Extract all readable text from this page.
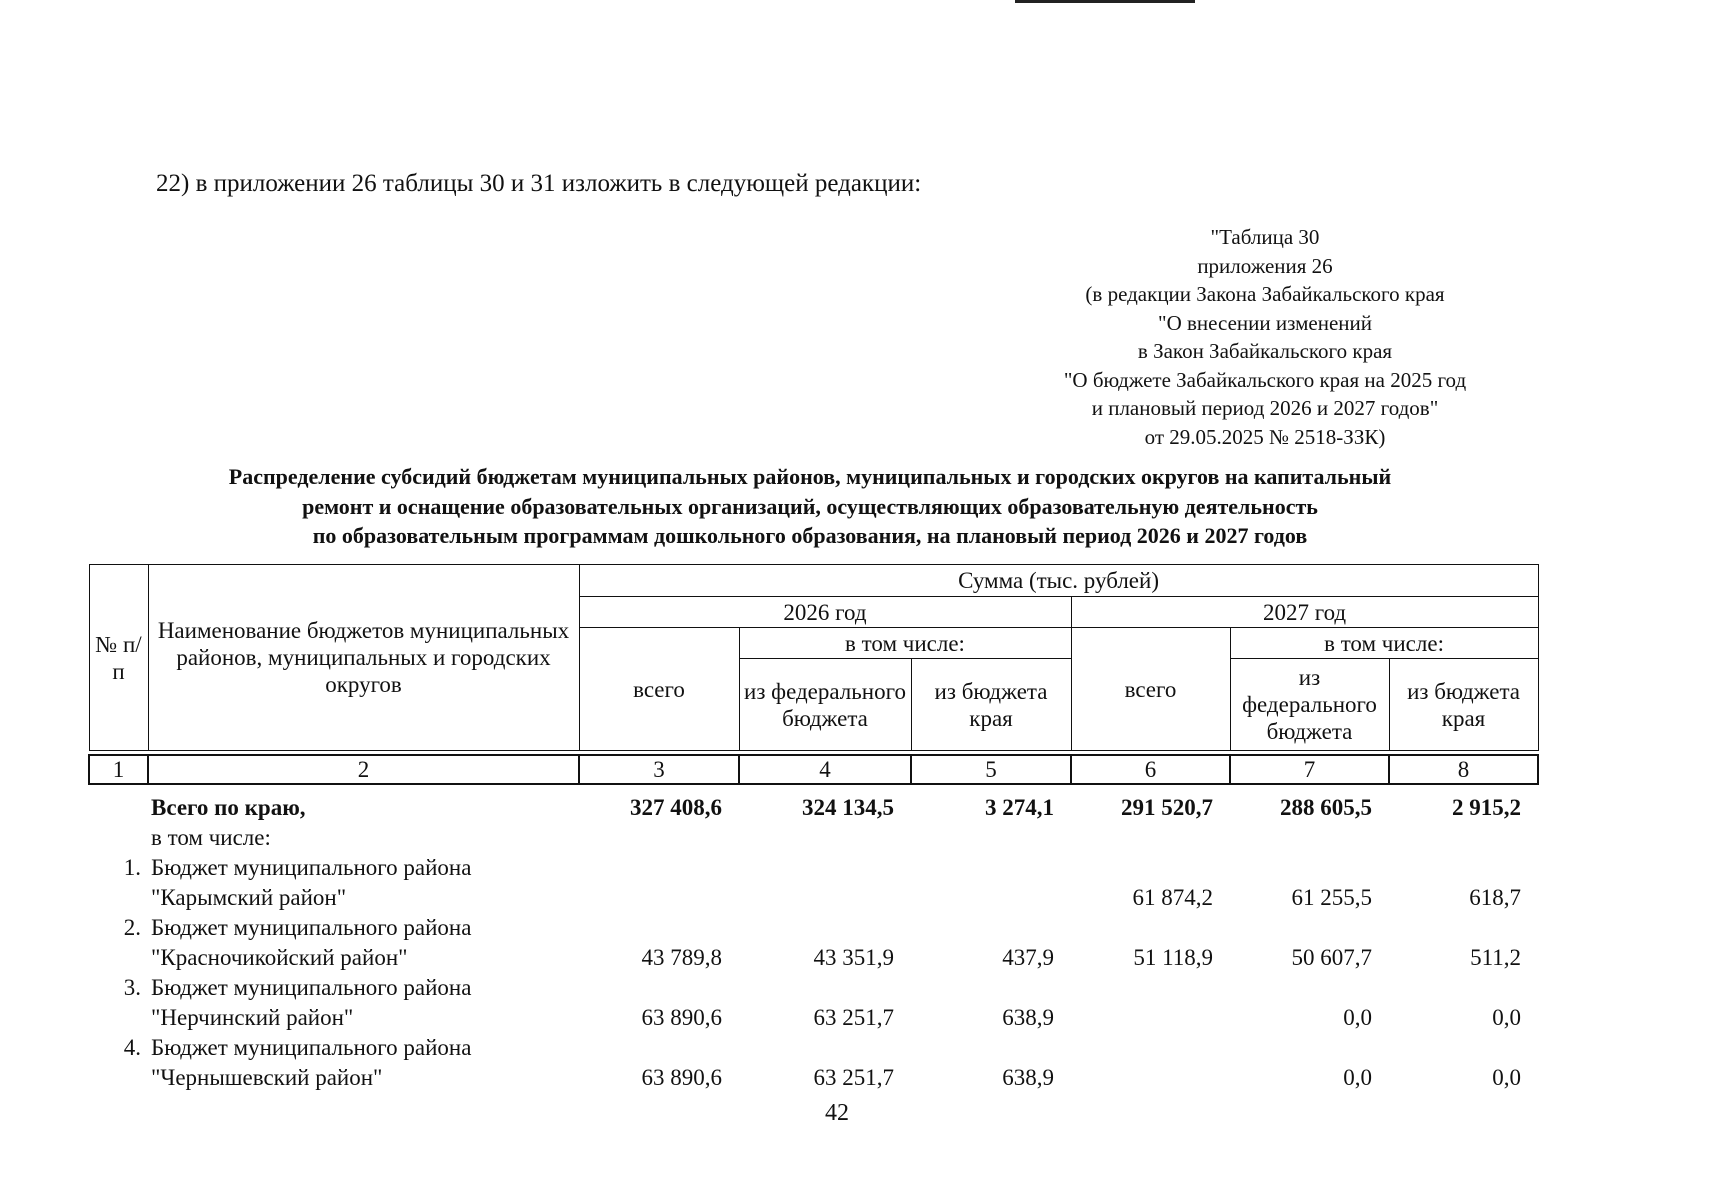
22) в приложении 26 таблицы 30 и 31 изложить в следующей редакции:
"Таблица 30
приложения 26
(в редакции Закона Забайкальского края
"О внесении изменений
в Закон Забайкальского края
"О бюджете Забайкальского края на 2025 год
и плановый период 2026 и 2027 годов"
от 29.05.2025 № 2518-ЗЗК)
Распределение субсидий бюджетам муниципальных районов, муниципальных и городских округов на капитальный
ремонт и оснащение образовательных организаций, осуществляющих образовательную деятельность
по образовательным программам дошкольного образования, на плановый период 2026 и 2027 годов
№ п/п	Наименование бюджетов муниципальных районов, муниципальных и городских округов	Сумма (тыс. рублей)					
		2026 год			2027 год		
		всего	в том числе:		всего	в том числе:	
			из федерального бюджета	из бюджета края		из федерального бюджета	из бюджета края

1	2	3	4	5	6	7	8
	Всего по краю,	327 408,6	324 134,5	3 274,1	291 520,7	288 605,5	2 915,2
	в том числе:						
1.	Бюджет муниципального района						
	"Карымский район"				61 874,2	61 255,5	618,7
2.	Бюджет муниципального района						
	"Красночикойский район"	43 789,8	43 351,9	437,9	51 118,9	50 607,7	511,2
3.	Бюджет муниципального района						
	"Нерчинский район"	63 890,6	63 251,7	638,9		0,0	0,0
4.	Бюджет муниципального района						
	"Чернышевский район"	63 890,6	63 251,7	638,9		0,0	0,0
42
